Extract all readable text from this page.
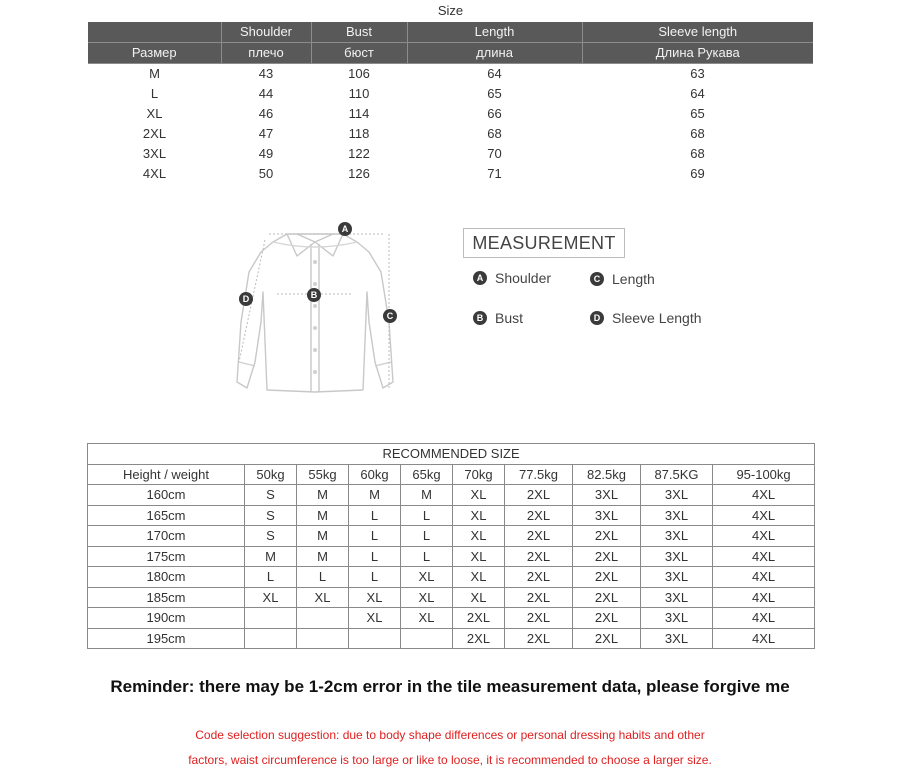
Size
	Shoulder	Bust	Length	Sleeve length
Размер	плечо	бюст	длина	Длина Рукава
M	43	106	64	63
L	44	110	65	64
XL	46	114	66	65
2XL	47	118	68	68
3XL	49	122	70	68
4XL	50	126	71	69
A
B
C
D
MEASUREMENT
A Shoulder
B Bust
C Length
D Sleeve Length
RECOMMENDED SIZE									
Height / weight	50kg	55kg	60kg	65kg	70kg	77.5kg	82.5kg	87.5KG	95-100kg
160cm	S	M	M	M	XL	2XL	3XL	3XL	4XL
165cm	S	M	L	L	XL	2XL	3XL	3XL	4XL
170cm	S	M	L	L	XL	2XL	2XL	3XL	4XL
175cm	M	M	L	L	XL	2XL	2XL	3XL	4XL
180cm	L	L	L	XL	XL	2XL	2XL	3XL	4XL
185cm	XL	XL	XL	XL	XL	2XL	2XL	3XL	4XL
190cm			XL	XL	2XL	2XL	2XL	3XL	4XL
195cm					2XL	2XL	2XL	3XL	4XL
Reminder: there may be 1-2cm error in the tile measurement data, please forgive me
Code selection suggestion: due to body shape differences or personal dressing habits and other
factors, waist circumference is too large or like to loose, it is recommended to choose a larger size.
